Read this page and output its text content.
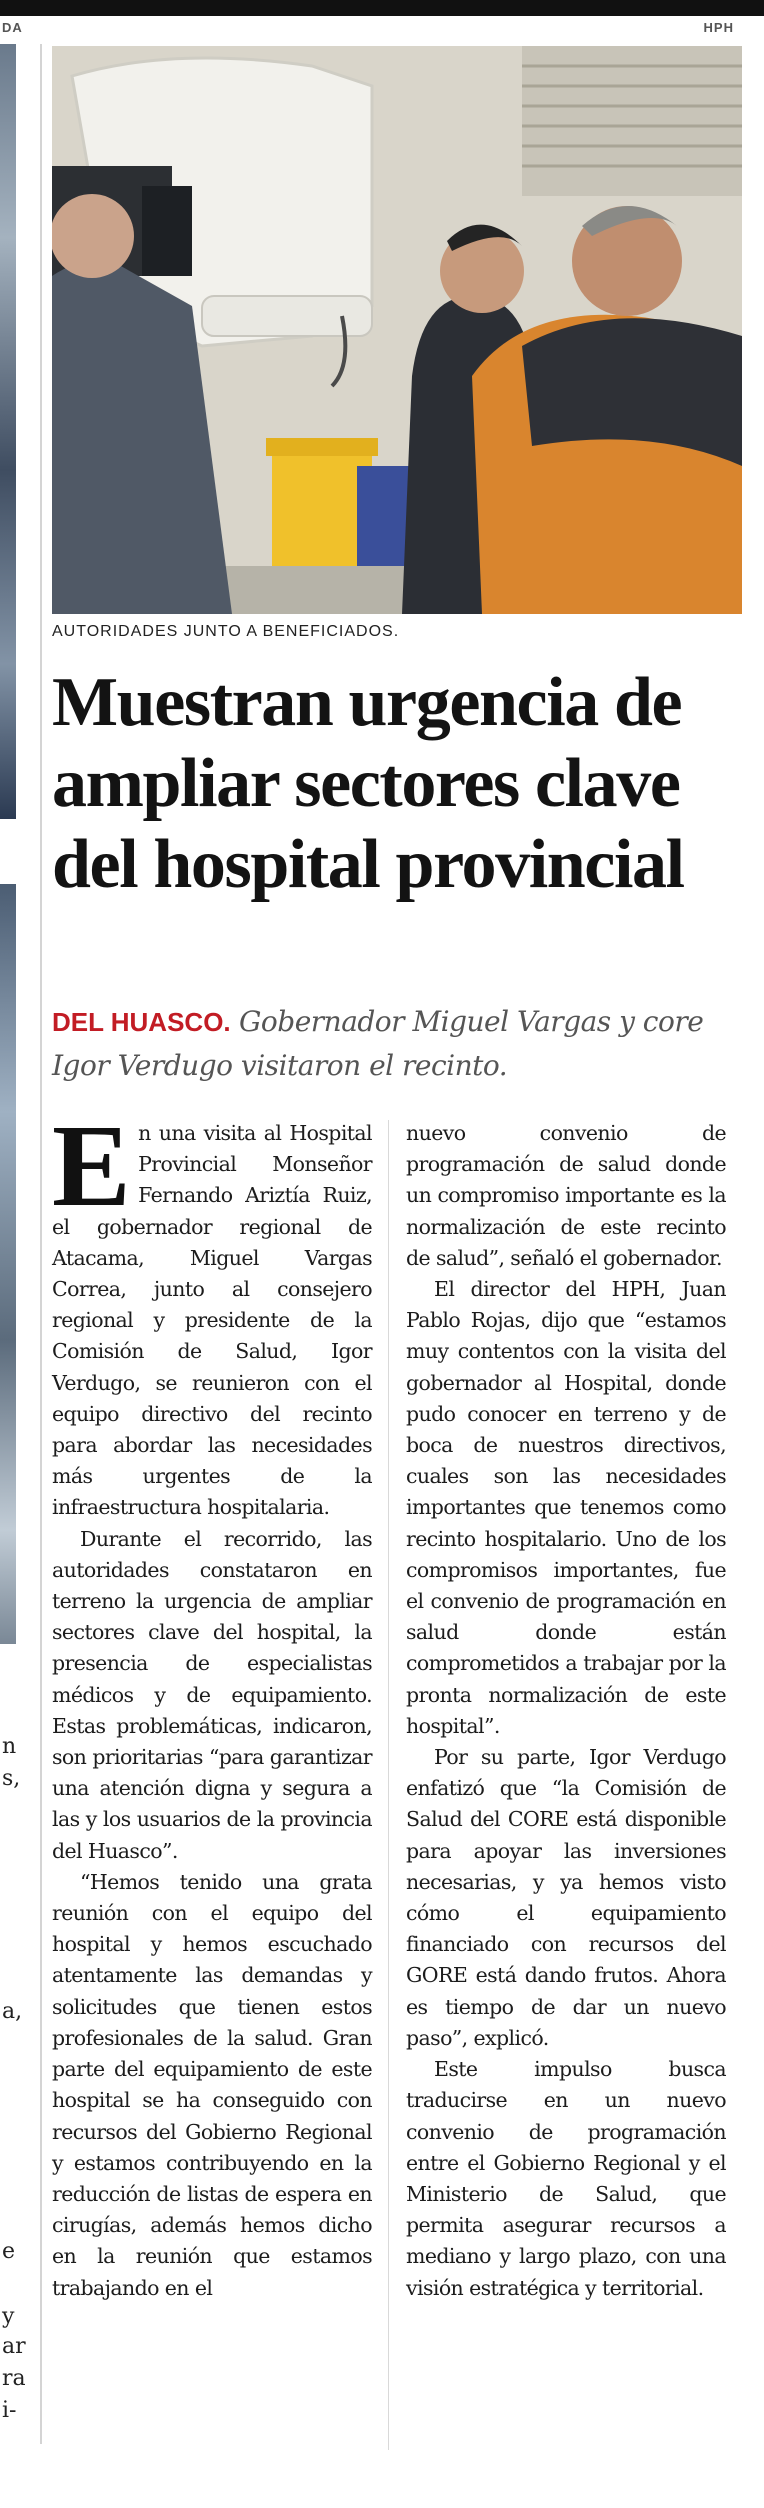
DA	HPH
n
s,
a,
e
y
ar
ra
i-
AUTORIDADES JUNTO A BENEFICIADOS.
Muestran urgencia de ampliar sectores clave del hospital provincial
DEL HUASCO. Gobernador Miguel Vargas y core Igor Verdugo visitaron el recinto.

En una visita al Hospital Provincial Monseñor Fernando Ariztía Ruiz, el gobernador regional de Atacama, Miguel Vargas Correa, junto al consejero regional y presidente de la Comisión de Salud, Igor Verdugo, se reunieron con el equipo directivo del recinto para abordar las necesidades más urgentes de la infraestructura hospitalaria.

Durante el recorrido, las autoridades constataron en terreno la urgencia de ampliar sectores clave del hospital, la presencia de especialistas médicos y de equipamiento. Estas problemáticas, indicaron, son prioritarias “para garantizar una atención digna y segura a las y los usuarios de la provincia del Huasco”.

“Hemos tenido una grata reunión con el equipo del hospital y hemos escuchado atentamente las demandas y solicitudes que tienen estos profesionales de la salud. Gran parte del equipamiento de este hospital se ha conseguido con recursos del Gobierno Regional y estamos contribuyendo en la reducción de listas de espera en cirugías, además hemos dicho en la reunión que estamos trabajando en el

nuevo convenio de programación de salud donde un compromiso importante es la normalización de este recinto de salud”, señaló el gobernador.

El director del HPH, Juan Pablo Rojas, dijo que “estamos muy contentos con la visita del gobernador al Hospital, donde pudo conocer en terreno y de boca de nuestros directivos, cuales son las necesidades importantes que tenemos como recinto hospitalario. Uno de los compromisos importantes, fue el convenio de programación en salud donde están comprometidos a trabajar por la pronta normalización de este hospital”.

Por su parte, Igor Verdugo enfatizó que “la Comisión de Salud del CORE está disponible para apoyar las inversiones necesarias, y ya hemos visto cómo el equipamiento financiado con recursos del GORE está dando frutos. Ahora es tiempo de dar un nuevo paso”, explicó.

Este impulso busca traducirse en un nuevo convenio de programación entre el Gobierno Regional y el Ministerio de Salud, que permita asegurar recursos a mediano y largo plazo, con una visión estratégica y territorial.
